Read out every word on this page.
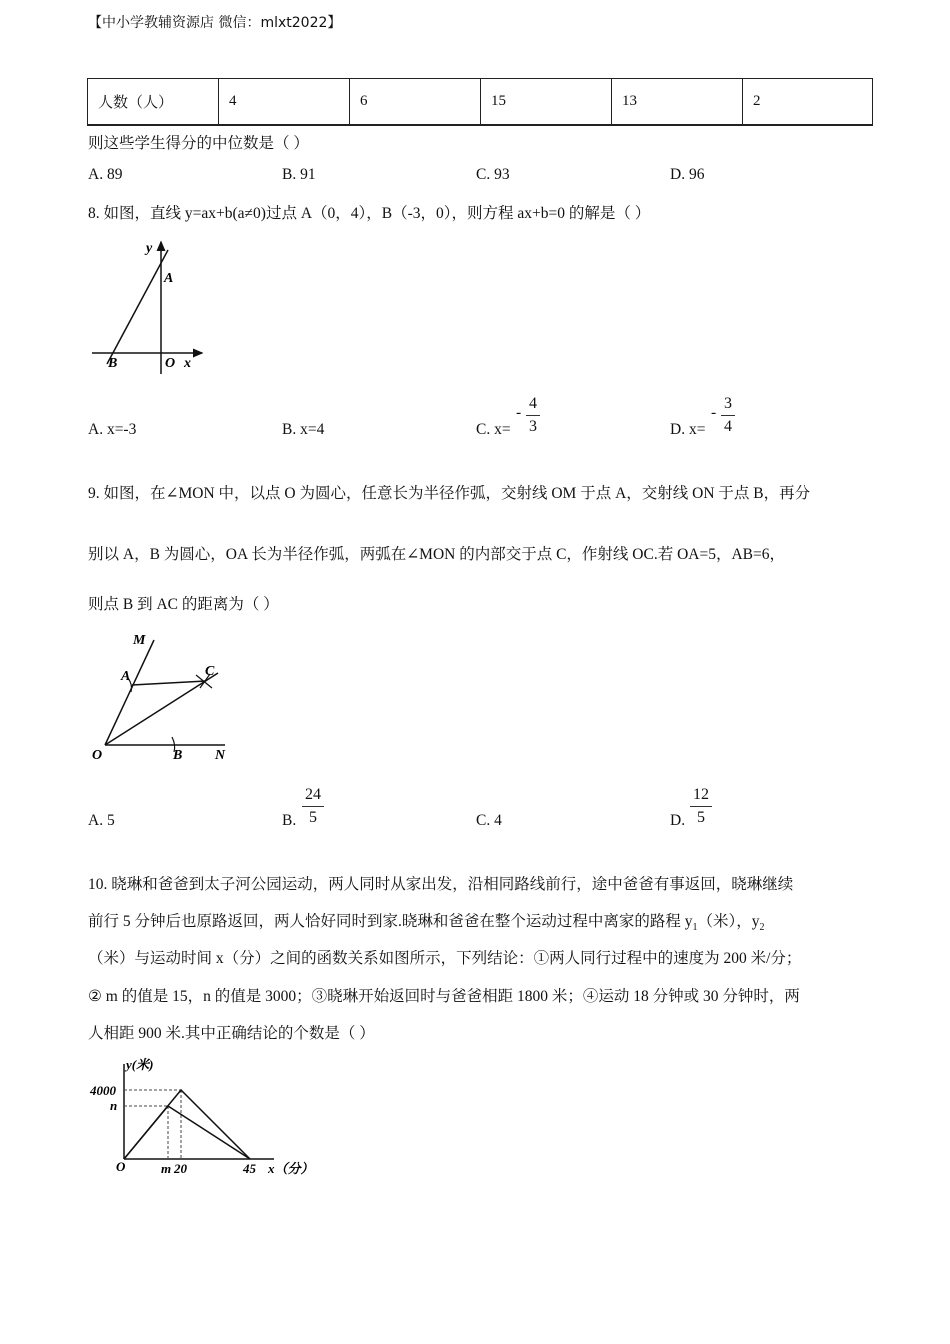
【中小学教辅资源店 微信：mlxt2022】
人数（人）	4	6	15	13	2
则这些学生得分的中位数是（ ）
A. 89	B. 91	C. 93	D. 96
8. 如图，直线 y=ax+b(a≠0)过点 A（0，4），B（-3，0），则方程 ax+b=0 的解是（ ）
y
A
B	O x
A. x=-3	B. x=4	C. x=
-
4
3	D. x=
-
3
4
9. 如图，在∠MON 中，以点 O 为圆心，任意长为半径作弧，交射线 OM 于点 A，交射线 ON 于点 B，再分
别以 A，B 为圆心，OA 长为半径作弧，两弧在∠MON 的内部交于点 C，作射线 OC.若 OA=5，AB=6，
则点 B 到 AC 的距离为（ ）
M
A	C
O	B N
A. 5	B.
24
5	C. 4	D.
12
5
10. 晓琳和爸爸到太子河公园运动，两人同时从家出发，沿相同路线前行，途中爸爸有事返回，晓琳继续
前行 5 分钟后也原路返回，两人恰好同时到家.晓琳和爸爸在整个运动过程中离家的路程 $y_1$（米），$y_2$
（米）与运动时间 x（分）之间的函数关系如图所示，下列结论：①两人同行过程中的速度为 200 米/分；
② m 的值是 15，n 的值是 3000；③晓琳开始返回时与爸爸相距 1800 米；④运动 18 分钟或 30 分钟时，两
人相距 900 米.其中正确结论的个数是（ ）
y(米)
4000
n
O	m 20	45 x（分）
